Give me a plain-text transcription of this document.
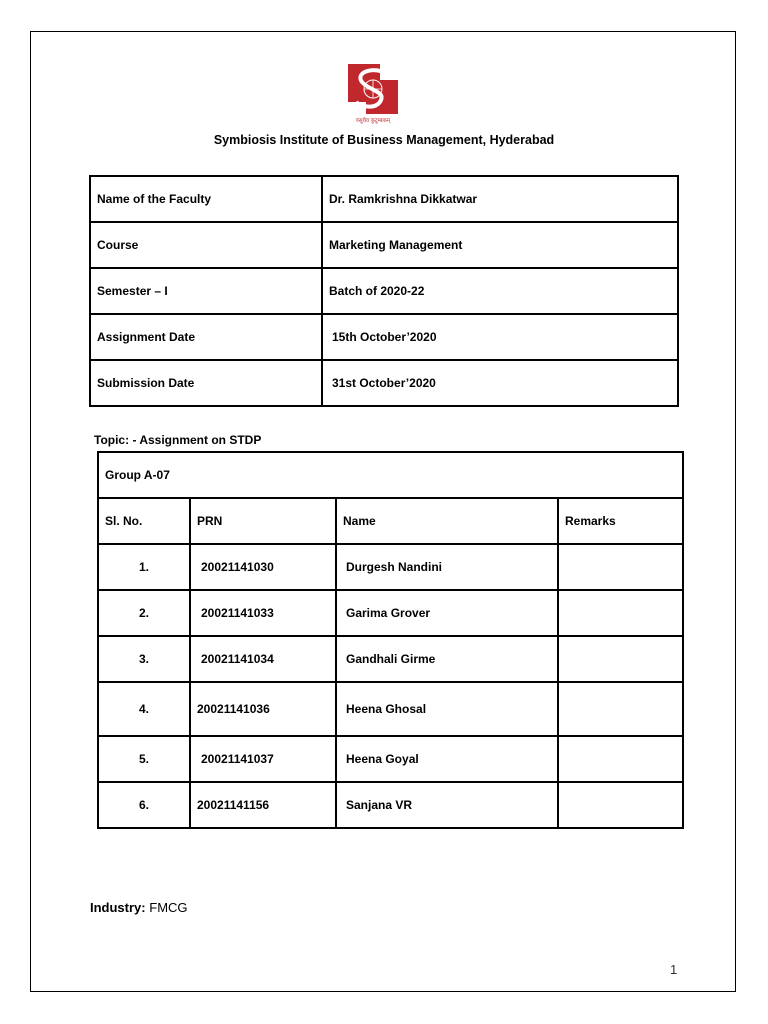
वसुधैव कुटुम्बकम्
Symbiosis Institute of Business Management, Hyderabad
Name of the Faculty	Dr. Ramkrishna Dikkatwar
Course	Marketing Management
Semester – I	Batch of 2020-22
Assignment Date	15th October’2020
Submission Date	31st October’2020
Topic: - Assignment on STDP
Group A-07			
Sl. No.	PRN	Name	Remarks
1.	20021141030	Durgesh Nandini	
2.	20021141033	Garima Grover	
3.	20021141034	Gandhali Girme	
4.	20021141036	Heena Ghosal	
5.	20021141037	Heena Goyal	
6.	20021141156	Sanjana VR	
Industry: FMCG
1
